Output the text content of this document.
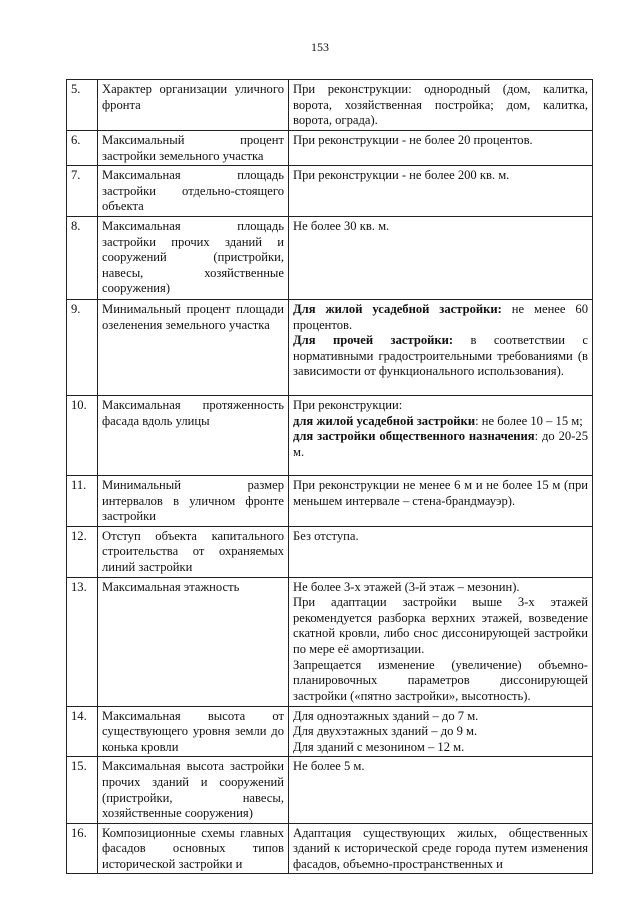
153
5.	Характер организации уличного фронта	При реконструкции: однородный (дом, калитка, ворота, хозяйственная постройка; дом, калитка, ворота, ограда).
6.	Максимальный процент застройки земельного участка	При реконструкции - не более 20 процентов.
7.	Максимальная площадь застройки отдельно-стоящего объекта	При реконструкции - не более 200 кв. м.
8.	Максимальная площадь застройки прочих зданий и сооружений (пристройки, навесы, хозяйственные сооружения)	Не более 30 кв. м.
9.	Минимальный процент площади озеленения земельного участка	Для жилой усадебной застройки: не менее 60 процентов.
Для прочей застройки: в соответствии с нормативными градостроительными требованиями (в зависимости от функционального использования).

10.	Максимальная протяженность фасада вдоль улицы	При реконструкции:
для жилой усадебной застройки: не более 10 – 15 м;
для застройки общественного назначения: до 20-25 м.

11.	Минимальный размер интервалов в уличном фронте застройки	При реконструкции не менее 6 м и не более 15 м (при меньшем интервале – стена-брандмауэр).
12.	Отступ объекта капитального строительства от охраняемых линий застройки	Без отступа.
13.	Максимальная этажность	Не более 3-х этажей (3-й этаж – мезонин).
При адаптации застройки выше 3-х этажей рекомендуется разборка верхних этажей, возведение скатной кровли, либо снос диссонирующей застройки по мере её амортизации.
Запрещается изменение (увеличение) объемно-планировочных параметров диссонирующей застройки («пятно застройки», высотность).

14.	Максимальная высота от существующего уровня земли до конька кровли	Для одноэтажных зданий – до 7 м.
Для двухэтажных зданий – до 9 м.
Для зданий с мезонином – 12 м.

15.	Максимальная высота застройки прочих зданий и сооружений (пристройки, навесы, хозяйственные сооружения)	Не более 5 м.
16.	Композиционные схемы главных фасадов основных типов исторической застройки и	Адаптация существующих жилых, общественных зданий к исторической среде города путем изменения фасадов, объемно-пространственных и
